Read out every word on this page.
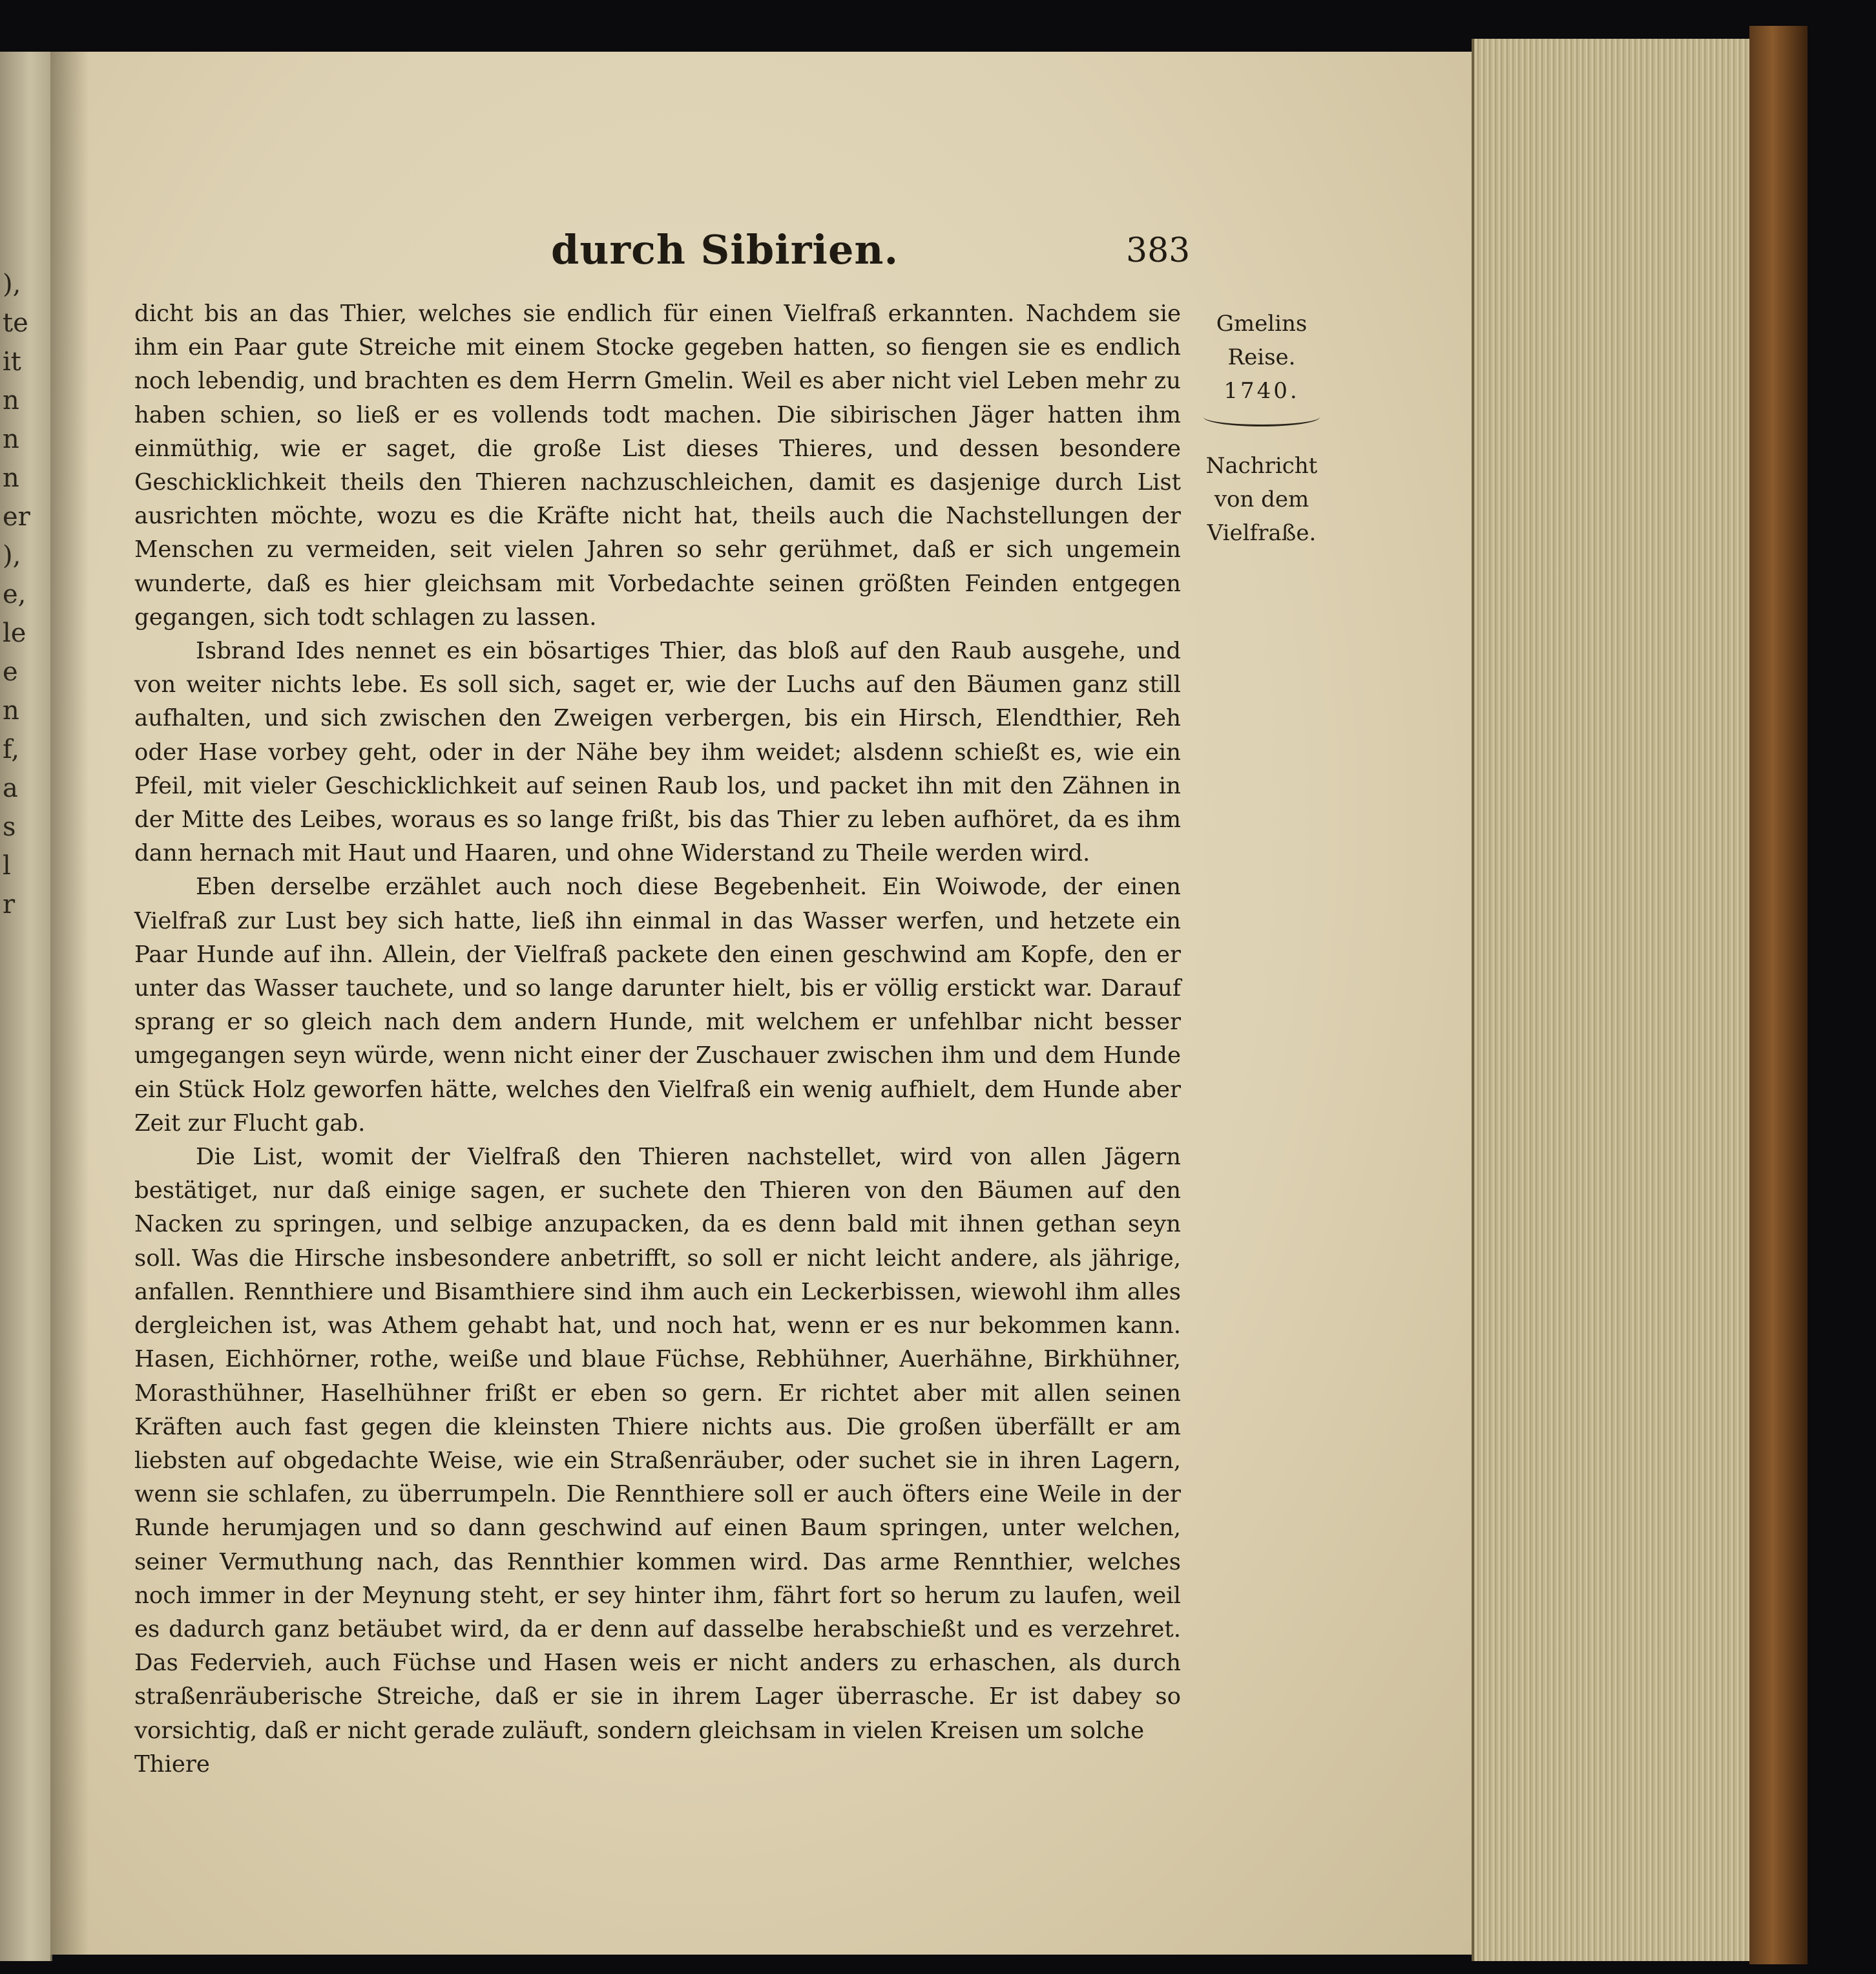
),
te
it
n
n
n
er
),
e,
le
e
n
f,
a
s
l
r
durch Sibirien.	383

dicht bis an das Thier, welches sie endlich für einen Vielfraß erkannten. Nachdem sie ihm ein Paar gute Streiche mit einem Stocke gegeben hatten, so fiengen sie es endlich noch lebendig, und brachten es dem Herrn Gmelin. Weil es aber nicht viel Leben mehr zu haben schien, so ließ er es vollends todt machen. Die sibirischen Jäger hatten ihm einmüthig, wie er saget, die große List dieses Thieres, und dessen besondere Geschicklichkeit theils den Thieren nachzuschleichen, damit es dasjenige durch List ausrichten möchte, wozu es die Kräfte nicht hat, theils auch die Nachstellungen der Menschen zu vermeiden, seit vielen Jahren so sehr gerühmet, daß er sich ungemein wunderte, daß es hier gleichsam mit Vorbedachte seinen größten Feinden entgegen gegangen, sich todt schlagen zu lassen.

Isbrand Ides nennet es ein bösartiges Thier, das bloß auf den Raub ausgehe, und von weiter nichts lebe. Es soll sich, saget er, wie der Luchs auf den Bäumen ganz still aufhalten, und sich zwischen den Zweigen verbergen, bis ein Hirsch, Elendthier, Reh oder Hase vorbey geht, oder in der Nähe bey ihm weidet; alsdenn schießt es, wie ein Pfeil, mit vieler Geschicklichkeit auf seinen Raub los, und packet ihn mit den Zähnen in der Mitte des Leibes, woraus es so lange frißt, bis das Thier zu leben aufhöret, da es ihm dann hernach mit Haut und Haaren, und ohne Widerstand zu Theile werden wird.

Eben derselbe erzählet auch noch diese Begebenheit. Ein Woiwode, der einen Vielfraß zur Lust bey sich hatte, ließ ihn einmal in das Wasser werfen, und hetzete ein Paar Hunde auf ihn. Allein, der Vielfraß packete den einen geschwind am Kopfe, den er unter das Wasser tauchete, und so lange darunter hielt, bis er völlig erstickt war. Darauf sprang er so gleich nach dem andern Hunde, mit welchem er unfehlbar nicht besser umgegangen seyn würde, wenn nicht einer der Zuschauer zwischen ihm und dem Hunde ein Stück Holz geworfen hätte, welches den Vielfraß ein wenig aufhielt, dem Hunde aber Zeit zur Flucht gab.

Die List, womit der Vielfraß den Thieren nachstellet, wird von allen Jägern bestätiget, nur daß einige sagen, er suchete den Thieren von den Bäumen auf den Nacken zu springen, und selbige anzupacken, da es denn bald mit ihnen gethan seyn soll. Was die Hirsche insbesondere anbetrifft, so soll er nicht leicht andere, als jährige, anfallen. Rennthiere und Bisamthiere sind ihm auch ein Leckerbissen, wiewohl ihm alles dergleichen ist, was Athem gehabt hat, und noch hat, wenn er es nur bekommen kann. Hasen, Eichhörner, rothe, weiße und blaue Füchse, Rebhühner, Auerhähne, Birkhühner, Morasthühner, Haselhühner frißt er eben so gern. Er richtet aber mit allen seinen Kräften auch fast gegen die kleinsten Thiere nichts aus. Die großen überfällt er am liebsten auf obgedachte Weise, wie ein Straßenräuber, oder suchet sie in ihren Lagern, wenn sie schlafen, zu überrumpeln. Die Rennthiere soll er auch öfters eine Weile in der Runde herumjagen und so dann geschwind auf einen Baum springen, unter welchen, seiner Vermuthung nach, das Rennthier kommen wird. Das arme Rennthier, welches noch immer in der Meynung steht, er sey hinter ihm, fährt fort so herum zu laufen, weil es dadurch ganz betäubet wird, da er denn auf dasselbe herabschießt und es verzehret. Das Federvieh, auch Füchse und Hasen weis er nicht anders zu erhaschen, als durch straßenräuberische Streiche, daß er sie in ihrem Lager überrasche. Er ist dabey so vorsichtig, daß er nicht gerade zuläuft, sondern gleichsam in vielen Kreisen um solche

Thiere
Gmelins
Reise.
1740.
Nachricht
von dem
Vielfraße.
